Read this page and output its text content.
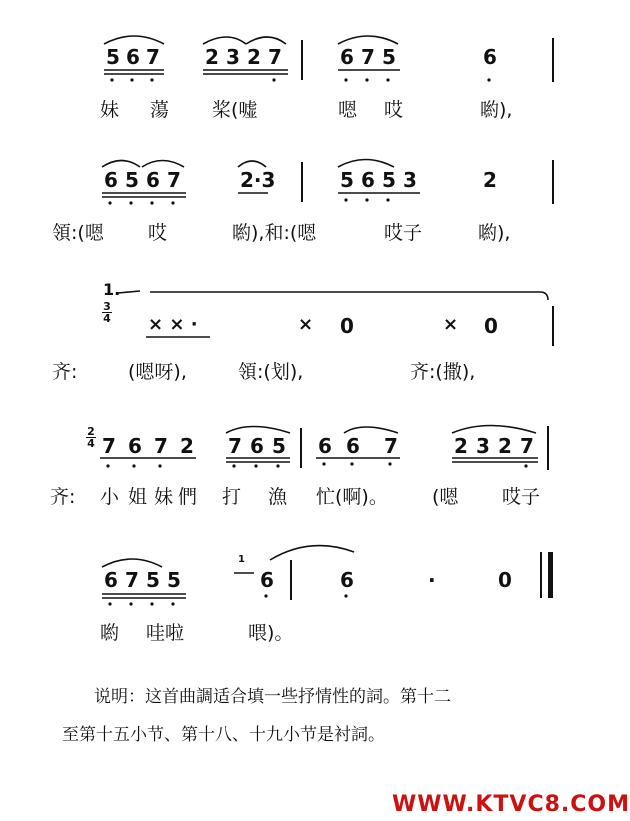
5 6 7 2 3 2 7	6 7 5	6
妹 蕩 桨(嘘	嗯 哎	喲),
6 5 6 7	2·3	5 6 5 3	2
領:(嗯 哎	喲),和:(嗯	哎子	喲),
1.
3
4 × × ·	× 0	× 0
齐:	(嗯呀),	領:(划),	齐:(撒),
2
4 7 6 7 2 7 6 5 6 6 7	2 3 2 7
齐: 小 姐 妹 們 打 漁 忙(啊)。 (嗯 哎子
6 7 5 5
1
6	6	·	0
喲 哇啦	喂)。
说明：这首曲調适合填一些抒情性的詞。第十二
至第十五小节、第十八、十九小节是衬詞。
WWW.KTVC8.COM
